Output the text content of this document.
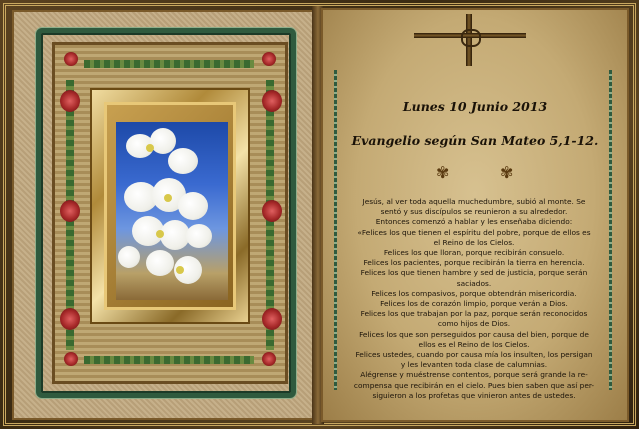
Lunes 10 Junio 2013
Evangelio según San Mateo 5,1-12.
✾	✾
Jesús, al ver toda aquella muchedumbre, subió al monte. Se
sentó y sus discípulos se reunieron a su alrededor.
Entonces comenzó a hablar y les enseñaba diciendo:
«Felices los que tienen el espíritu del pobre, porque de ellos es
el Reino de los Cielos.
Felices los que lloran, porque recibirán consuelo.
Felices los pacientes, porque recibirán la tierra en herencia.
Felices los que tienen hambre y sed de justicia, porque serán
saciados.
Felices los compasivos, porque obtendrán misericordia.
Felices los de corazón limpio, porque verán a Dios.
Felices los que trabajan por la paz, porque serán reconocidos
como hijos de Dios.
Felices los que son perseguidos por causa del bien, porque de
ellos es el Reino de los Cielos.
Felices ustedes, cuando por causa mía los insulten, los persigan
y les levanten toda clase de calumnias.
Alégrense y muéstrense contentos, porque será grande la re-
compensa que recibirán en el cielo. Pues bien saben que así per-
siguieron a los profetas que vinieron antes de ustedes.
